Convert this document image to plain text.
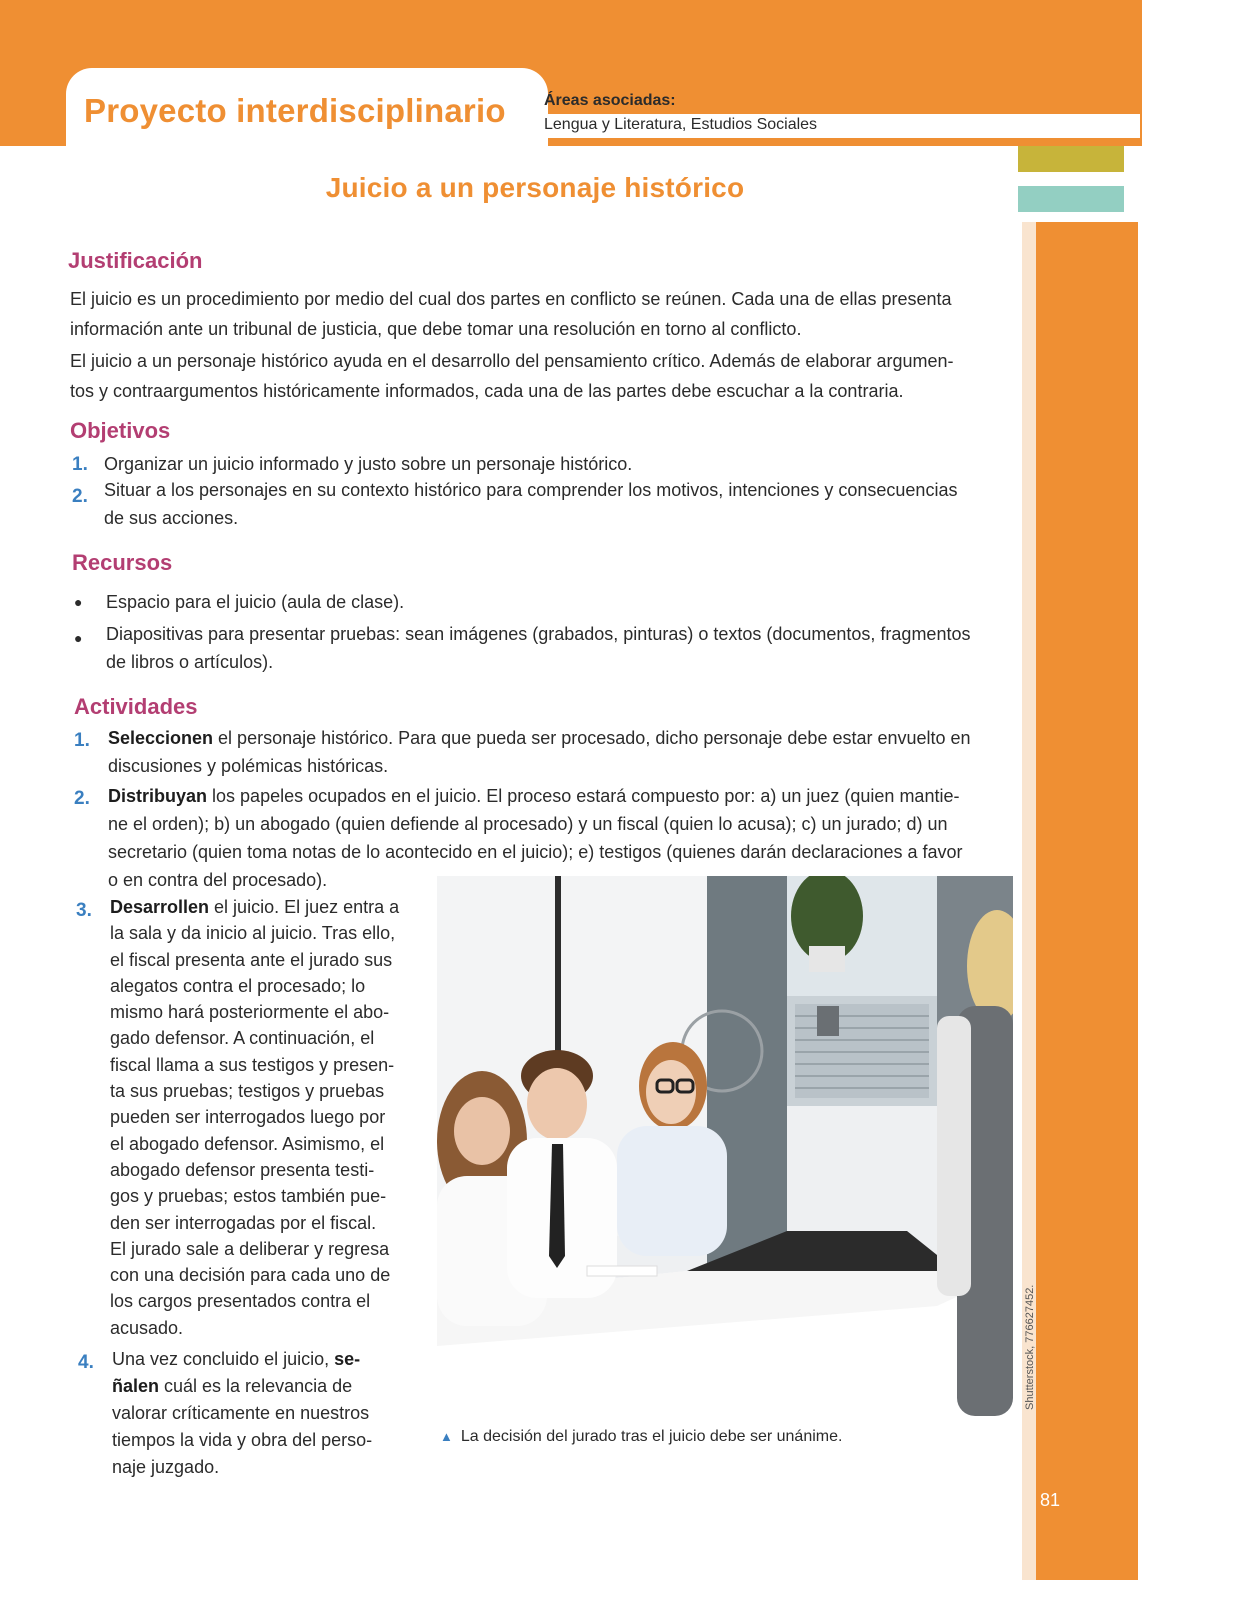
Proyecto interdisciplinario Áreas asociadas:
Lengua y Literatura, Estudios Sociales
81
Juicio a un personaje histórico
Justificación
El juicio es un procedimiento por medio del cual dos partes en conflicto se reúnen. Cada una de ellas presenta
información ante un tribunal de justicia, que debe tomar una resolución en torno al conflicto.
El juicio a un personaje histórico ayuda en el desarrollo del pensamiento crítico. Además de elaborar argumen-
tos y contraargumentos históricamente informados, cada una de las partes debe escuchar a la contraria.
Objetivos
1. Organizar un juicio informado y justo sobre un personaje histórico.
2. Situar a los personajes en su contexto histórico para comprender los motivos, intenciones y consecuencias
de sus acciones.
Recursos
● Espacio para el juicio (aula de clase).
● Diapositivas para presentar pruebas: sean imágenes (grabados, pinturas) o textos (documentos, fragmentos
de libros o artículos).
Actividades
1. Seleccionen el personaje histórico. Para que pueda ser procesado, dicho personaje debe estar envuelto en
discusiones y polémicas históricas.
2. Distribuyan los papeles ocupados en el juicio. El proceso estará compuesto por: a) un juez (quien mantie-
ne el orden); b) un abogado (quien defiende al procesado) y un fiscal (quien lo acusa); c) un jurado; d) un
secretario (quien toma notas de lo acontecido en el juicio); e) testigos (quienes darán declaraciones a favor
o en contra del procesado).
3. Desarrollen el juicio. El juez entra a
la sala y da inicio al juicio. Tras ello,
el fiscal presenta ante el jurado sus
alegatos contra el procesado; lo
mismo hará posteriormente el abo-
gado defensor. A continuación, el
fiscal llama a sus testigos y presen-
ta sus pruebas; testigos y pruebas
pueden ser interrogados luego por
el abogado defensor. Asimismo, el
abogado defensor presenta testi-
gos y pruebas; estos también pue-
den ser interrogadas por el fiscal.
El jurado sale a deliberar y regresa
con una decisión para cada uno de
los cargos presentados contra el
acusado.
4. Una vez concluido el juicio, se-
ñalen cuál es la relevancia de
valorar críticamente en nuestros
tiempos la vida y obra del perso-
naje juzgado.
Shutterstock, 776627452.
▲ La decisión del jurado tras el juicio debe ser unánime.
